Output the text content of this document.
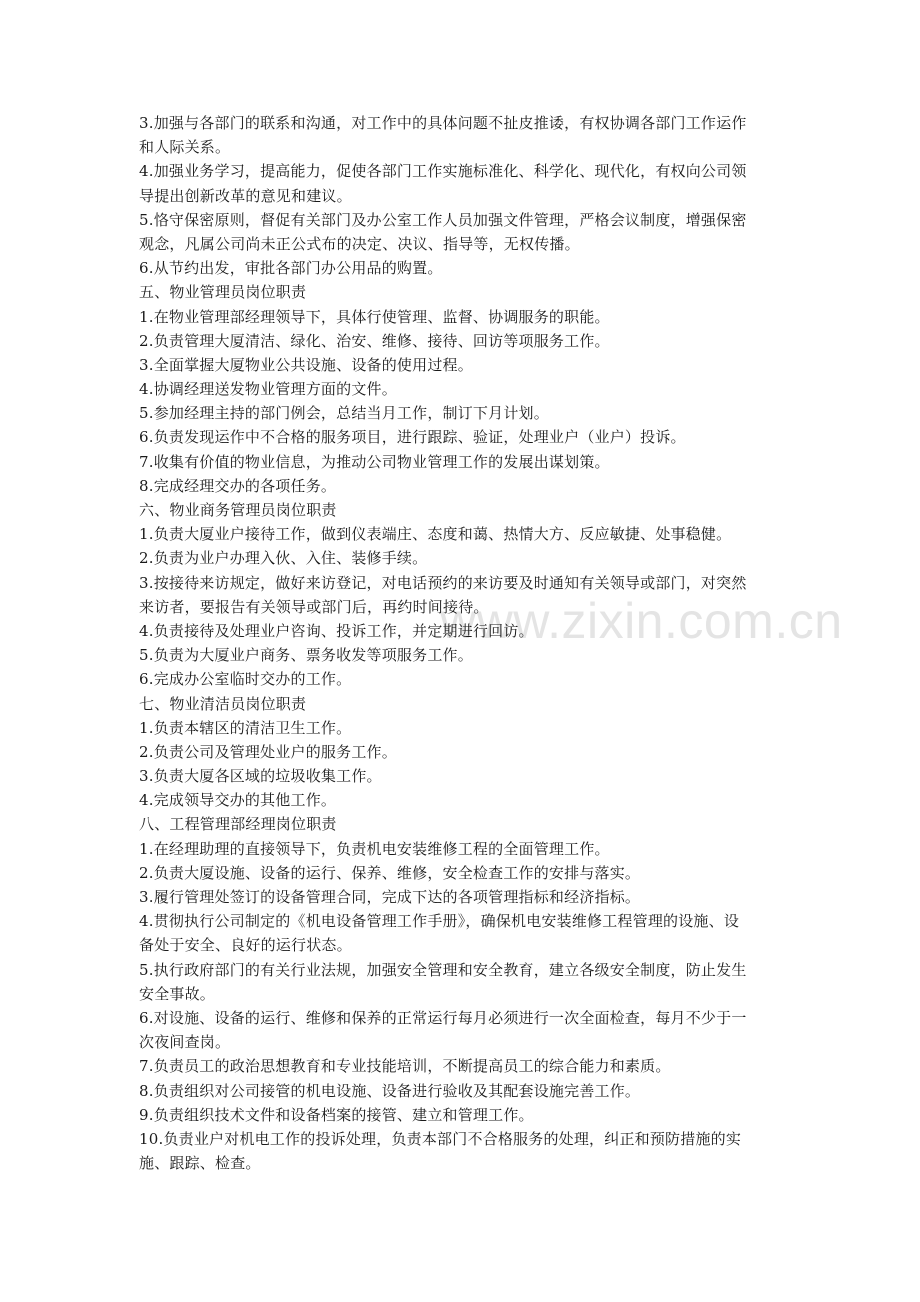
www.zixin.com.cn
3.加强与各部门的联系和沟通，对工作中的具体问题不扯皮推诿，有权协调各部门工作运作
和人际关系。
4.加强业务学习，提高能力，促使各部门工作实施标准化、科学化、现代化，有权向公司领
导提出创新改革的意见和建议。
5.恪守保密原则，督促有关部门及办公室工作人员加强文件管理，严格会议制度，增强保密
观念，凡属公司尚未正公式布的决定、决议、指导等，无权传播。
6.从节约出发，审批各部门办公用品的购置。
五、物业管理员岗位职责
1.在物业管理部经理领导下，具体行使管理、监督、协调服务的职能。
2.负责管理大厦清洁、绿化、治安、维修、接待、回访等项服务工作。
3.全面掌握大厦物业公共设施、设备的使用过程。
4.协调经理送发物业管理方面的文件。
5.参加经理主持的部门例会，总结当月工作，制订下月计划。
6.负责发现运作中不合格的服务项目，进行跟踪、验证，处理业户（业户）投诉。
7.收集有价值的物业信息，为推动公司物业管理工作的发展出谋划策。
8.完成经理交办的各项任务。
六、物业商务管理员岗位职责
1.负责大厦业户接待工作，做到仪表端庄、态度和蔼、热情大方、反应敏捷、处事稳健。
2.负责为业户办理入伙、入住、装修手续。
3.按接待来访规定，做好来访登记，对电话预约的来访要及时通知有关领导或部门，对突然
来访者，要报告有关领导或部门后，再约时间接待。
4.负责接待及处理业户咨询、投诉工作，并定期进行回访。
5.负责为大厦业户商务、票务收发等项服务工作。
6.完成办公室临时交办的工作。
七、物业清洁员岗位职责
1.负责本辖区的清洁卫生工作。
2.负责公司及管理处业户的服务工作。
3.负责大厦各区域的垃圾收集工作。
4.完成领导交办的其他工作。
八、工程管理部经理岗位职责
1.在经理助理的直接领导下，负责机电安装维修工程的全面管理工作。
2.负责大厦设施、设备的运行、保养、维修，安全检查工作的安排与落实。
3.履行管理处签订的设备管理合同，完成下达的各项管理指标和经济指标。
4.贯彻执行公司制定的《机电设备管理工作手册》，确保机电安装维修工程管理的设施、设
备处于安全、良好的运行状态。
5.执行政府部门的有关行业法规，加强安全管理和安全教育，建立各级安全制度，防止发生
安全事故。
6.对设施、设备的运行、维修和保养的正常运行每月必须进行一次全面检查，每月不少于一
次夜间查岗。
7.负责员工的政治思想教育和专业技能培训，不断提高员工的综合能力和素质。
8.负责组织对公司接管的机电设施、设备进行验收及其配套设施完善工作。
9.负责组织技术文件和设备档案的接管、建立和管理工作。
10.负责业户对机电工作的投诉处理，负责本部门不合格服务的处理，纠正和预防措施的实
施、跟踪、检查。
